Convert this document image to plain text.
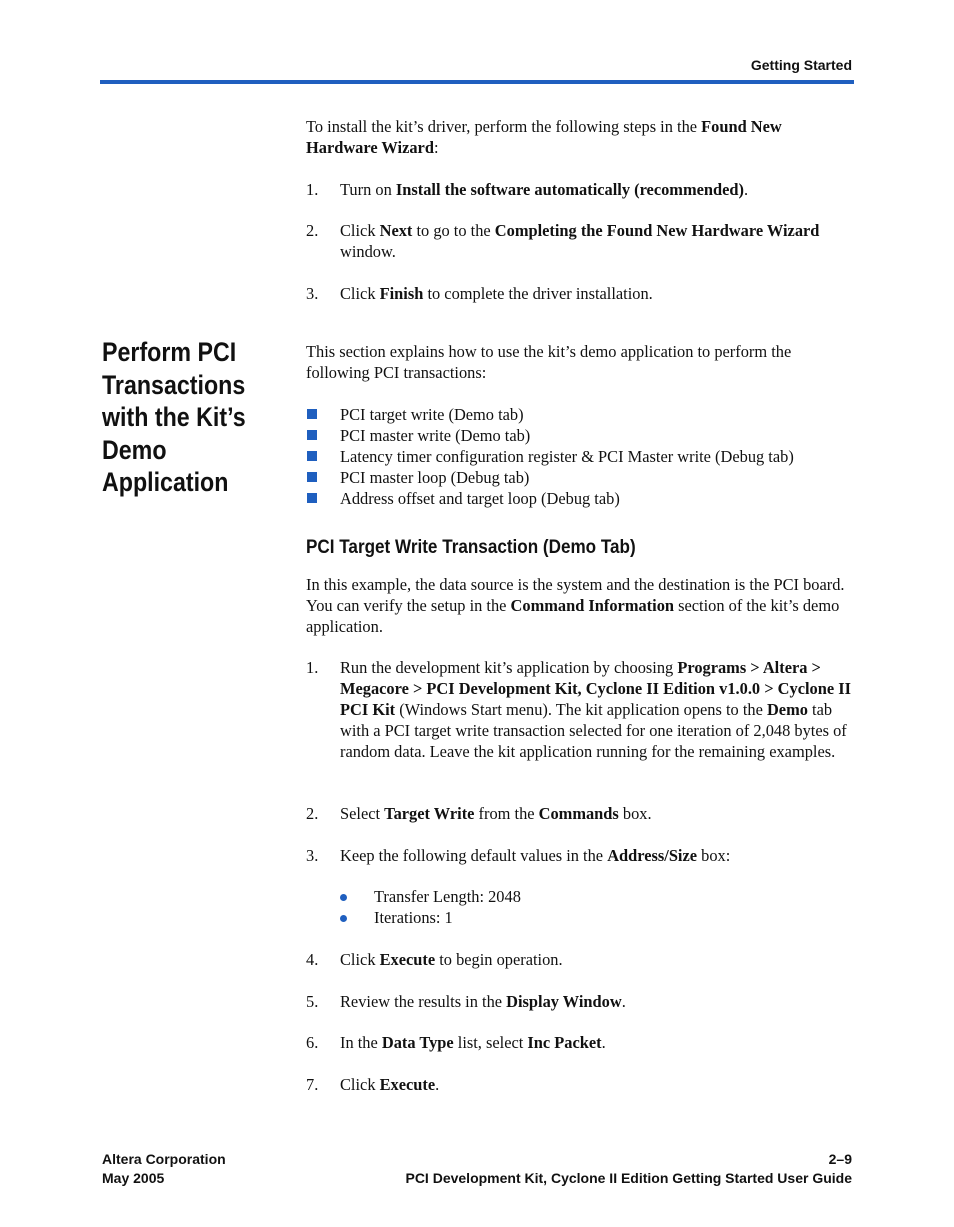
Getting Started
To install the kit’s driver, perform the following steps in the Found New Hardware Wizard:
1. Turn on Install the software automatically (recommended).
2. Click Next to go to the Completing the Found New Hardware Wizard window.
3. Click Finish to complete the driver installation.
Perform PCI
Transactions
with the Kit’s
Demo
Application
This section explains how to use the kit’s demo application to perform the following PCI transactions:
PCI target write (Demo tab)
PCI master write (Demo tab)
Latency timer configuration register & PCI Master write (Debug tab)
PCI master loop (Debug tab)
Address offset and target loop (Debug tab)
PCI Target Write Transaction (Demo Tab)
In this example, the data source is the system and the destination is the PCI board. You can verify the setup in the Command Information section of the kit’s demo application.
1. Run the development kit’s application by choosing Programs > Altera > Megacore > PCI Development Kit, Cyclone II Edition v1.0.0 > Cyclone II PCI Kit (Windows Start menu). The kit application opens to the Demo tab with a PCI target write transaction selected for one iteration of 2,048 bytes of random data. Leave the kit application running for the remaining examples.
2. Select Target Write from the Commands box.
3. Keep the following default values in the Address/Size box:
Transfer Length: 2048
Iterations: 1
4. Click Execute to begin operation.
5. Review the results in the Display Window.
6. In the Data Type list, select Inc Packet.
7. Click Execute.
Altera Corporation
May 2005
2–9
PCI Development Kit, Cyclone II Edition Getting Started User Guide
